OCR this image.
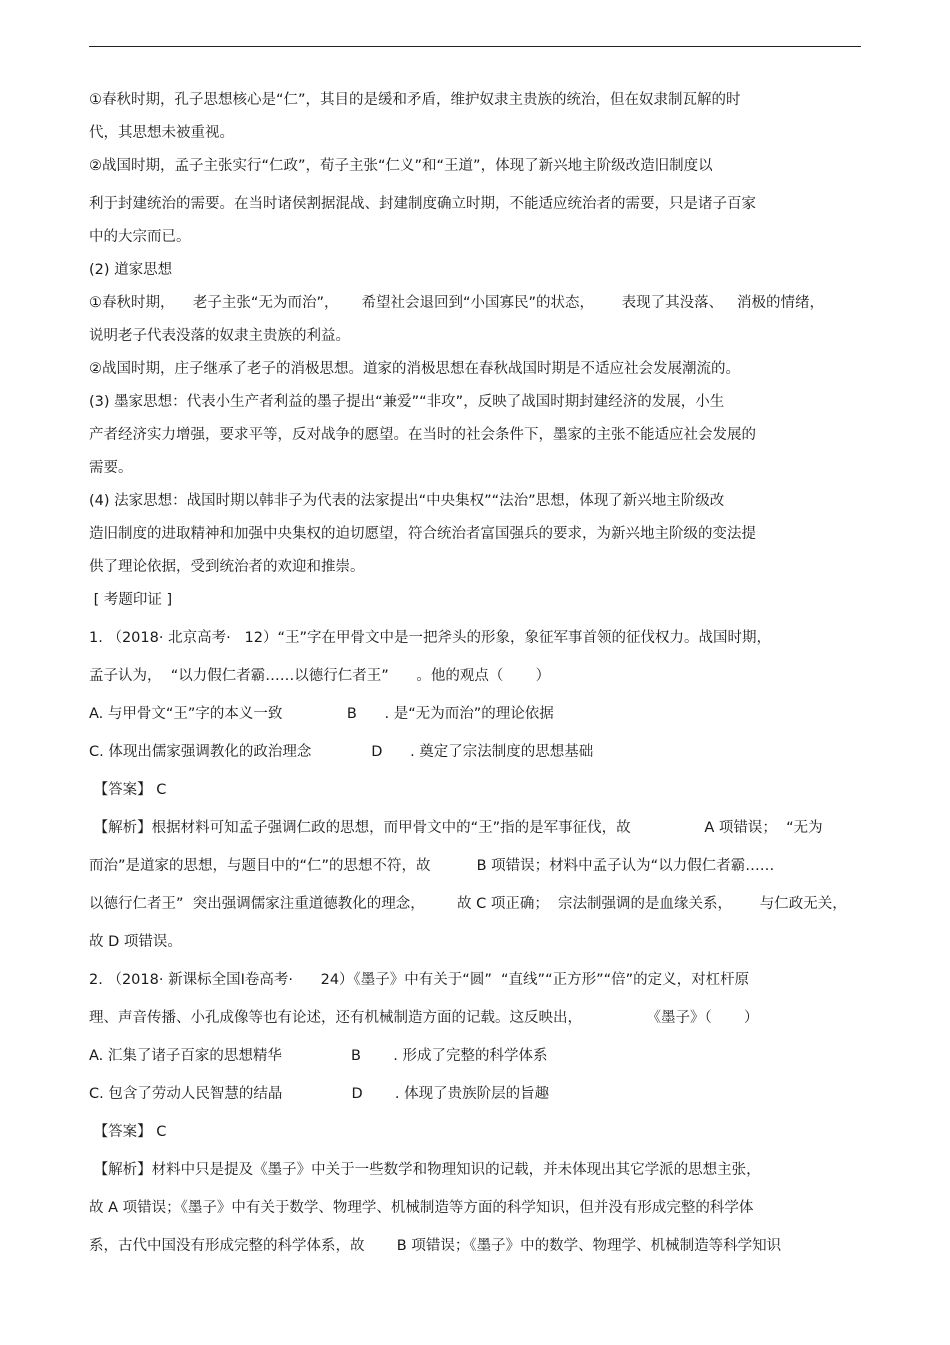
①春秋时期，孔子思想核心是“仁”，其目的是缓和矛盾，维护奴隶主贵族的统治，但在奴隶制瓦解的时
代，其思想未被重视。
②战国时期，孟子主张实行“仁政”，荀子主张“仁义”和“王道”，体现了新兴地主阶级改造旧制度以
利于封建统治的需要。在当时诸侯割据混战、封建制度确立时期，不能适应统治者的需要，只是诸子百家
中的大宗而已。
(2) 道家思想
①春秋时期，    老子主张“无为而治”，     希望社会退回到“小国寡民”的状态，      表现了其没落、   消极的情绪，
说明老子代表没落的奴隶主贵族的利益。
②战国时期，庄子继承了老子的消极思想。道家的消极思想在春秋战国时期是不适应社会发展潮流的。
(3) 墨家思想：代表小生产者利益的墨子提出“兼爱”“非攻”，反映了战国时期封建经济的发展，小生
产者经济实力增强，要求平等，反对战争的愿望。在当时的社会条件下，墨家的主张不能适应社会发展的
需要。
(4) 法家思想：战国时期以韩非子为代表的法家提出“中央集权”“法治”思想，体现了新兴地主阶级改
造旧制度的进取精神和加强中央集权的迫切愿望，符合统治者富国强兵的要求，为新兴地主阶级的变法提
供了理论依据，受到统治者的欢迎和推崇。
[ 考题印证 ]
1. （2018· 北京高考·   12）“王”字在甲骨文中是一把斧头的形象，象征军事首领的征伐权力。战国时期，
孟子认为，  “以力假仁者霸……以德行仁者王”      。他的观点（       ）
A. 与甲骨文“王”字的本义一致              B      . 是“无为而治”的理论依据
C. 体现出儒家强调教化的政治理念             D      . 奠定了宗法制度的思想基础
【答案】 C
【解析】根据材料可知孟子强调仁政的思想，而甲骨文中的“王”指的是军事征伐，故                A 项错误；  “无为
而治”是道家的思想，与题目中的“仁”的思想不符，故          B 项错误；材料中孟子认为“以力假仁者霸……
以德行仁者王”  突出强调儒家注重道德教化的理念，       故 C 项正确；  宗法制强调的是血缘关系，      与仁政无关，
故 D 项错误。
2. （2018· 新课标全国Ⅰ卷高考·      24）《墨子》中有关于“圆”  “直线”“正方形”“倍”的定义，对杠杆原
理、声音传播、小孔成像等也有论述，还有机械制造方面的记载。这反映出，              《墨子》（       ）
A. 汇集了诸子百家的思想精华               B       . 形成了完整的科学体系
C. 包含了劳动人民智慧的结晶               D       . 体现了贵族阶层的旨趣
【答案】 C
【解析】材料中只是提及《墨子》中关于一些数学和物理知识的记载，并未体现出其它学派的思想主张，
故 A 项错误；《墨子》中有关于数学、物理学、机械制造等方面的科学知识，但并没有形成完整的科学体
系，古代中国没有形成完整的科学体系，故       B 项错误；《墨子》中的数学、物理学、机械制造等科学知识
